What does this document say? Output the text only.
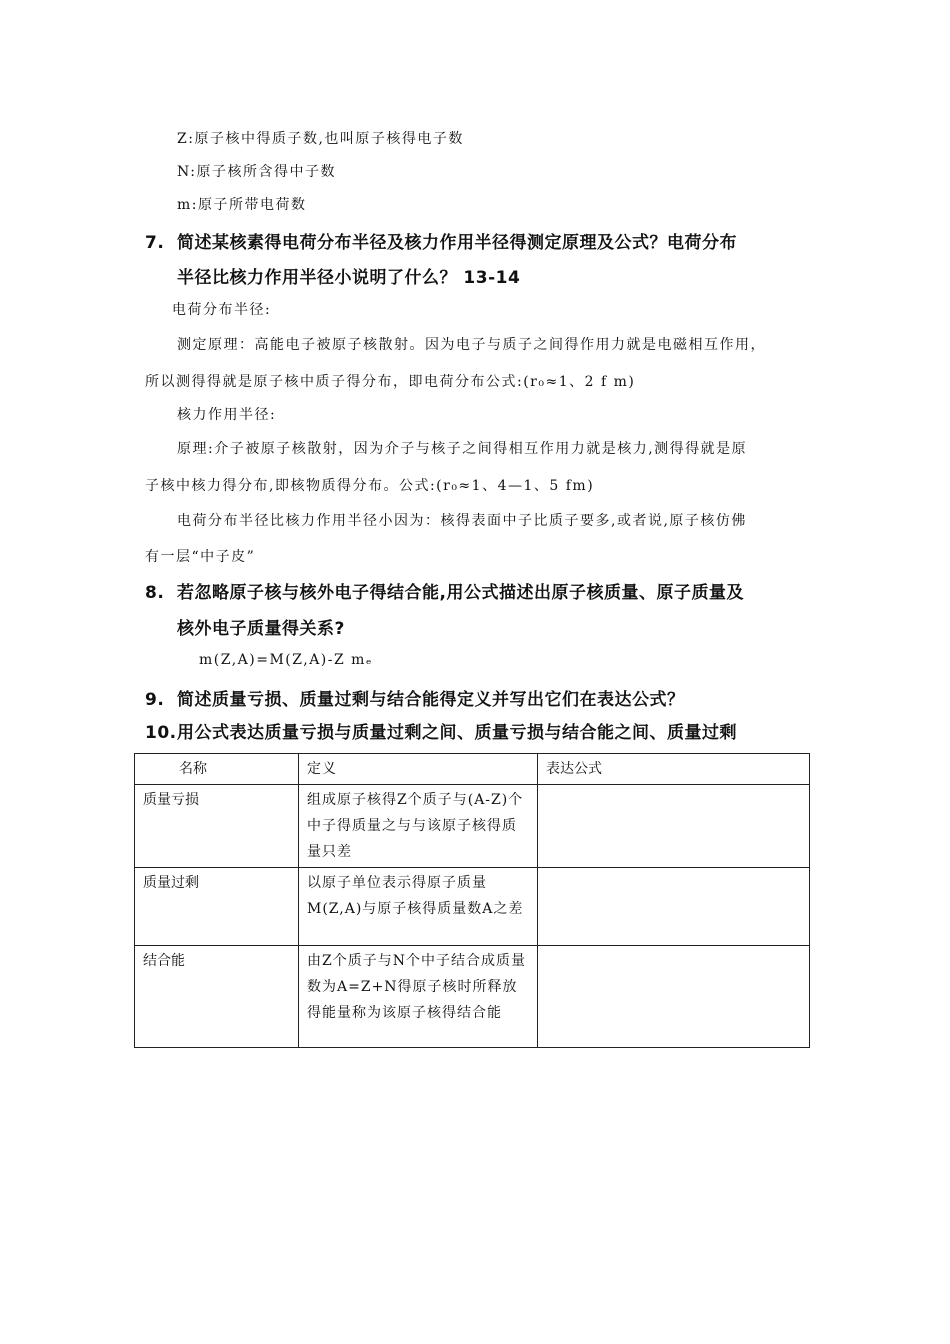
Z:原子核中得质子数,也叫原子核得电子数
N:原子核所含得中子数
m:原子所带电荷数
7. 简述某核素得电荷分布半径及核力作用半径得测定原理及公式？电荷分布
半径比核力作用半径小说明了什么？ 13-14
电荷分布半径:
测定原理：高能电子被原子核散射。因为电子与质子之间得作用力就是电磁相互作用，
所以测得得就是原子核中质子得分布，即电荷分布公式:(r₀≈1、2 f m)
核力作用半径:
原理:介子被原子核散射，因为介子与核子之间得相互作用力就是核力,测得得就是原
子核中核力得分布,即核物质得分布。公式:(r₀≈1、4—1、5 fm)
电荷分布半径比核力作用半径小因为：核得表面中子比质子要多,或者说,原子核仿佛
有一层“中子皮”
8. 若忽略原子核与核外电子得结合能,用公式描述出原子核质量、原子质量及
核外电子质量得关系?
m(Z,A)=M(Z,A)-Z mₑ
9. 简述质量亏损、质量过剩与结合能得定义并写出它们在表达公式？
10.用公式表达质量亏损与质量过剩之间、质量亏损与结合能之间、质量过剩
名称	定义	表达公式
质量亏损	组成原子核得Z个质子与(A-Z)个中子得质量之与与该原子核得质量只差	
质量过剩	以原子单位表示得原子质量M(Z,A)与原子核得质量数A之差	
结合能	由Z个质子与N个中子结合成质量数为A=Z+N得原子核时所释放得能量称为该原子核得结合能	
